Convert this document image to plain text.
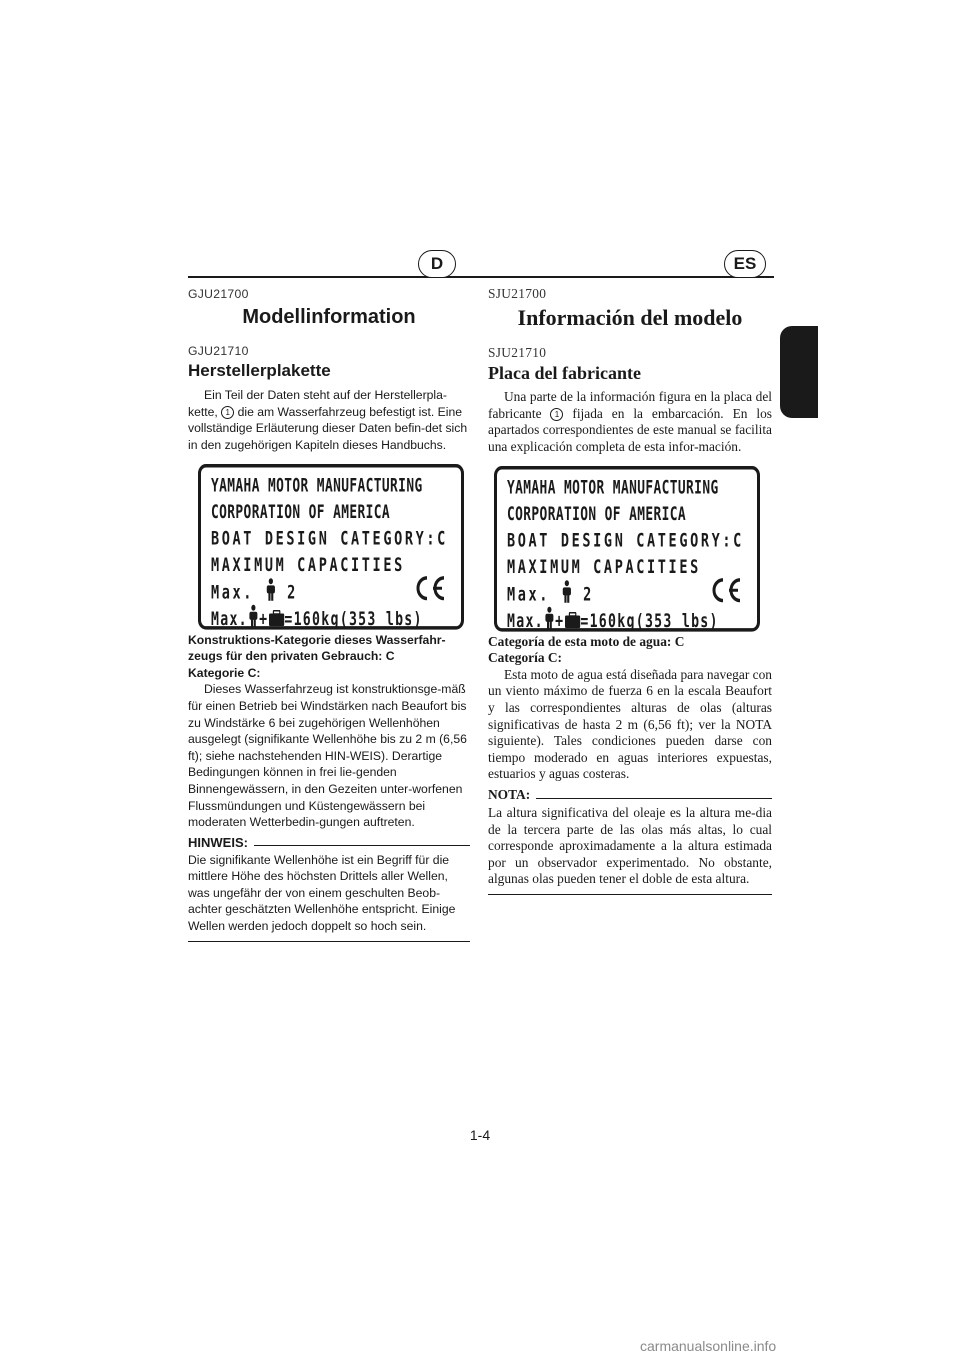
D	ES

GJU21700

Modellinformation

GJU21710

Herstellerplakette

Ein Teil der Daten steht auf der Herstellerpla-kette, 1 die am Wasserfahrzeug befestigt ist. Eine vollständige Erläuterung dieser Daten befin-det sich in den zugehörigen Kapiteln dieses Handbuchs.

YAMAHA MOTOR MANUFACTURING
CORPORATION OF AMERICA
BOAT DESIGN CATEGORY:C
MAXIMUM CAPACITIES
Max. 2
Max. + =160kg(353 lbs)

Konstruktions-Kategorie dieses Wasserfahr-zeugs für den privaten Gebrauch: C

Kategorie C:

Dieses Wasserfahrzeug ist konstruktionsge-mäß für einen Betrieb bei Windstärken nach Beaufort bis zu Windstärke 6 bei zugehörigen Wellenhöhen ausgelegt (signifikante Wellenhöhe bis zu 2 m (6,56 ft); siehe nachstehenden HIN-WEIS). Derartige Bedingungen können in frei lie-genden Binnengewässern, in den Gezeiten unter-worfenen Flussmündungen und Küstengewässern bei moderaten Wetterbedin-gungen auftreten.

HINWEIS:

Die signifikante Wellenhöhe ist ein Begriff für die mittlere Höhe des höchsten Drittels aller Wellen, was ungefähr der von einem geschulten Beob-achter geschätzten Wellenhöhe entspricht. Einige Wellen werden jedoch doppelt so hoch sein.

SJU21700

Información del modelo

SJU21710

Placa del fabricante

Una parte de la información figura en la placa del fabricante 1 fijada en la embarcación. En los apartados correspondientes de este manual se facilita una explicación completa de esta infor-mación.

YAMAHA MOTOR MANUFACTURING
CORPORATION OF AMERICA
BOAT DESIGN CATEGORY:C
MAXIMUM CAPACITIES
Max. 2
Max. + =160kg(353 lbs)

Categoría de esta moto de agua: C

Categoría C:

Esta moto de agua está diseñada para navegar con un viento máximo de fuerza 6 en la escala Beaufort y las correspondientes alturas de olas (alturas significativas de hasta 2 m (6,56 ft); ver la NOTA siguiente). Tales condiciones pueden darse con tiempo moderado en aguas interiores expuestas, estuarios y aguas costeras.

NOTA:

La altura significativa del oleaje es la altura me-dia de la tercera parte de las olas más altas, lo cual corresponde aproximadamente a la altura estimada por un observador experimentado. No obstante, algunas olas pueden tener el doble de esta altura.

1-4
carmanualsonline.info
